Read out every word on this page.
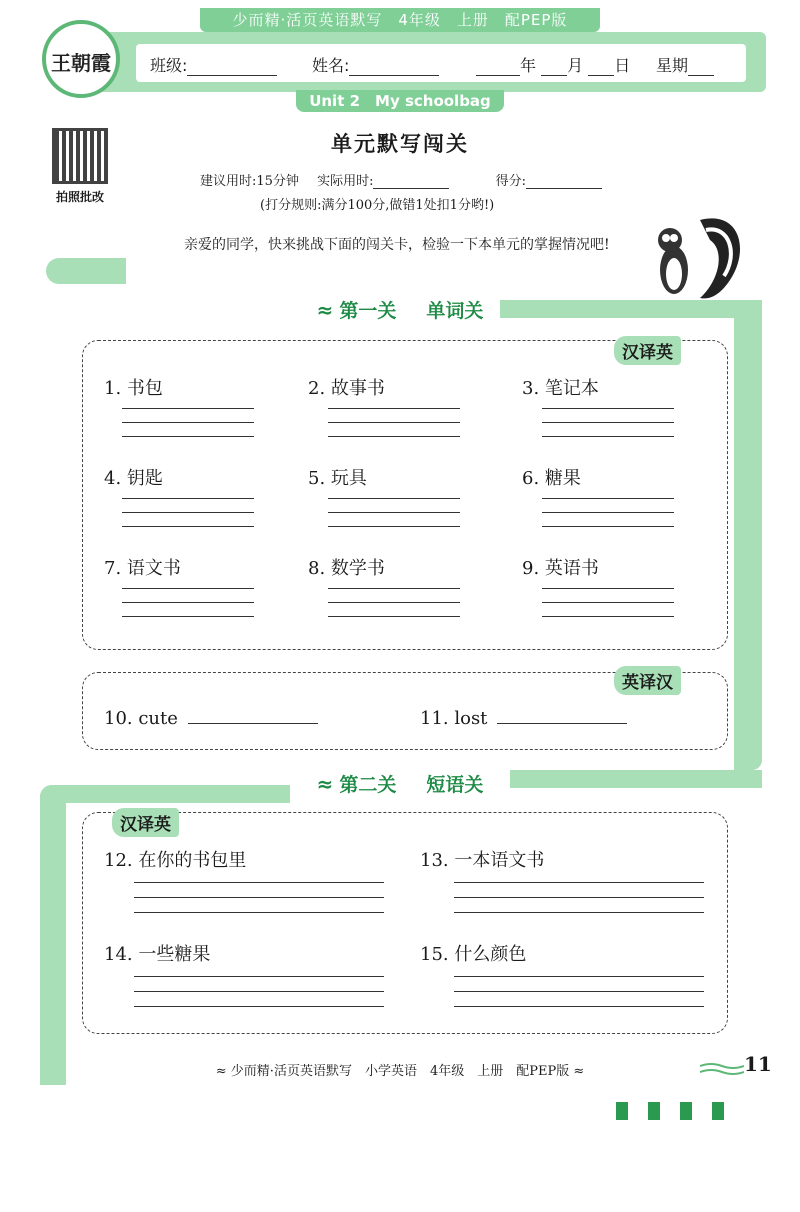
少而精·活页英语默写　4年级　上册　配PEP版
班级:	姓名:	年 月 日 星期
王朝霞
Unit 2　My schoolbag
拍照批改
单元默写闯关
建议用时:15分钟 实际用时:	得分:
(打分规则:满分100分,做错1处扣1分哟!)
亲爱的同学，快来挑战下面的闯关卡，检验一下本单元的掌握情况吧!
≈ 第一关 单词关
汉译英
1. 书包	2. 故事书	3. 笔记本
4. 钥匙	5. 玩具	6. 糖果
7. 语文书	8. 数学书	9. 英语书
英译汉
10. cute	11. lost
≈ 第二关 短语关
汉译英
12. 在你的书包里	13. 一本语文书
14. 一些糖果	15. 什么颜色
≈ 少而精·活页英语默写　小学英语　4年级　上册　配PEP版 ≈	11
